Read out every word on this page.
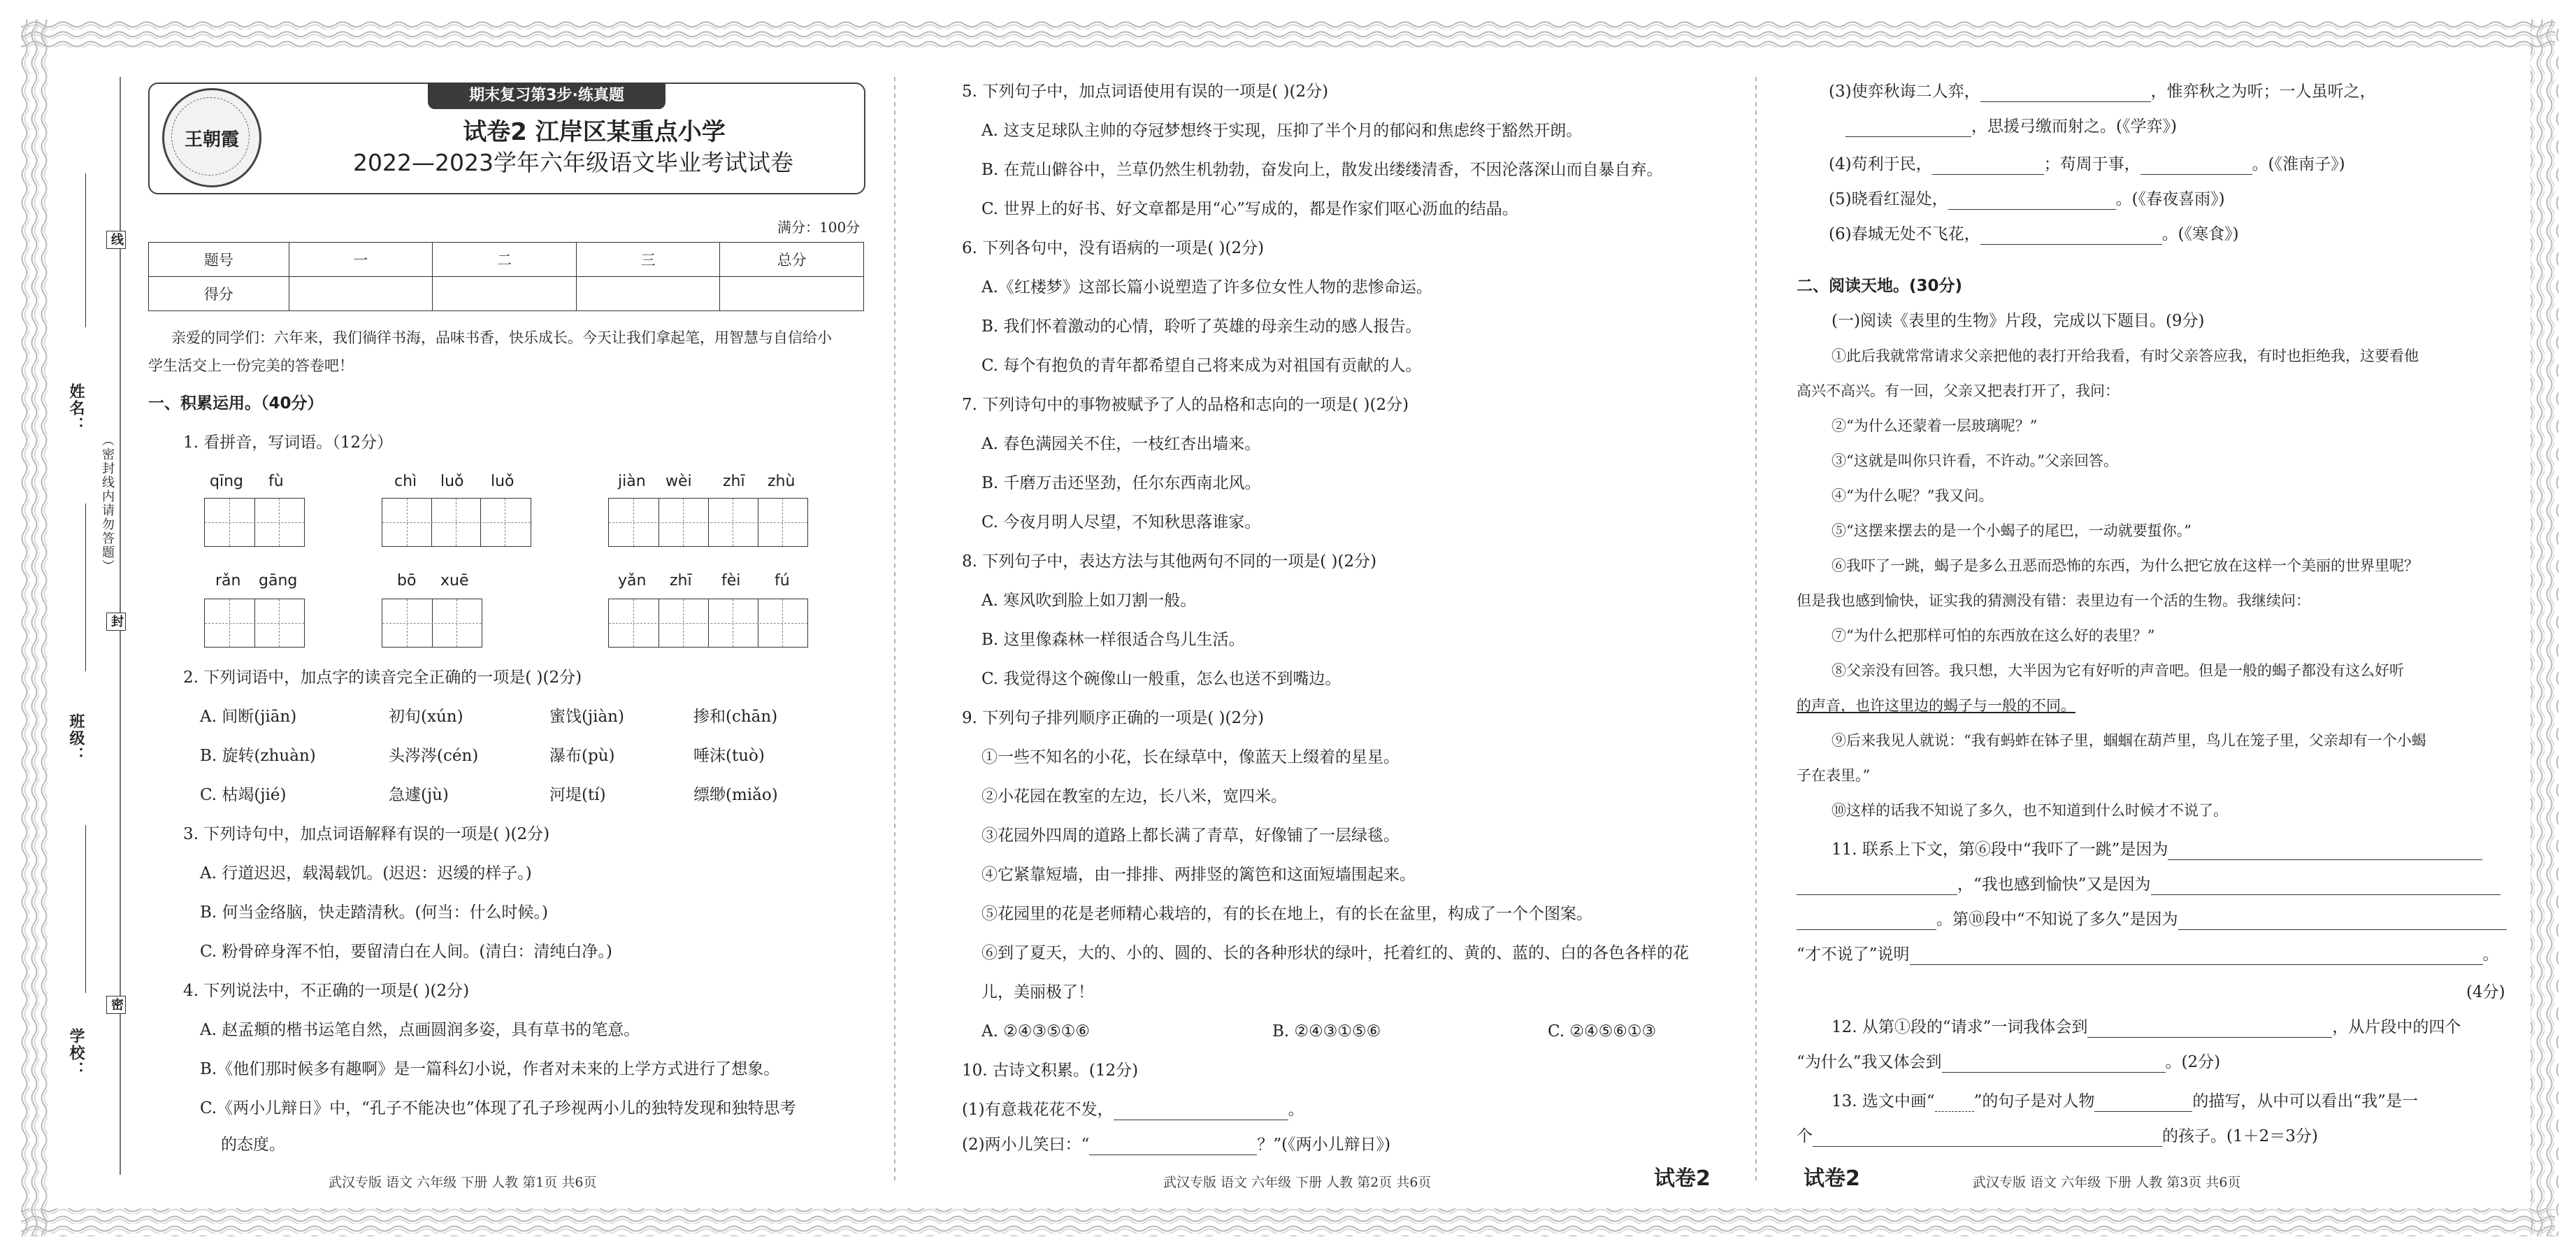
姓名：
班级：
学校：
（密封线内请勿答题）
线
封
密
期末复习第3步·练真题
王朝霞	试卷2 江岸区某重点小学
2022—2023学年六年级语文毕业考试试卷
满分：100分
题号	一	二	三	总分
得分				
亲爱的同学们：六年来，我们徜徉书海，品味书香，快乐成长。今天让我们拿起笔，用智慧与自信给小
学生活交上一份完美的答卷吧！
一、积累运用。（40分）
1. 看拼音，写词语。（12分）
qīng fù	chì luǒ luǒ	jiàn wèi zhī zhù
rǎn gāng	bō xuē	yǎn zhī fèi fú
2. 下列词语中，加点字的读音完全正确的一项是( )(2分)
A. 间断(jiān)	初旬(xún)	蜜饯(jiàn)	掺和(chān)
B. 旋转(zhuàn)	头涔涔(cén)	瀑布(pù)	唾沫(tuò)
C. 枯竭(jié)	急遽(jù)	河堤(tí)	缥缈(miǎo)
3. 下列诗句中，加点词语解释有误的一项是( )(2分)
A. 行道迟迟，载渴载饥。(迟迟：迟缓的样子。)
B. 何当金络脑，快走踏清秋。(何当：什么时候。)
C. 粉骨碎身浑不怕，要留清白在人间。(清白：清纯白净。)
4. 下列说法中，不正确的一项是( )(2分)
A. 赵孟頫的楷书运笔自然，点画圆润多姿，具有草书的笔意。
B.《他们那时候多有趣啊》是一篇科幻小说，作者对未来的上学方式进行了想象。
C.《两小儿辩日》中，“孔子不能决也”体现了孔子珍视两小儿的独特发现和独特思考
的态度。
武汉专版 语文 六年级 下册 人教 第1页 共6页
5. 下列句子中，加点词语使用有误的一项是( )(2分)
A. 这支足球队主帅的夺冠梦想终于实现，压抑了半个月的郁闷和焦虑终于豁然开朗。
B. 在荒山僻谷中，兰草仍然生机勃勃，奋发向上，散发出缕缕清香，不因沦落深山而自暴自弃。
C. 世界上的好书、好文章都是用“心”写成的，都是作家们呕心沥血的结晶。
6. 下列各句中，没有语病的一项是( )(2分)
A.《红楼梦》这部长篇小说塑造了许多位女性人物的悲惨命运。
B. 我们怀着激动的心情，聆听了英雄的母亲生动的感人报告。
C. 每个有抱负的青年都希望自己将来成为对祖国有贡献的人。
7. 下列诗句中的事物被赋予了人的品格和志向的一项是( )(2分)
A. 春色满园关不住，一枝红杏出墙来。
B. 千磨万击还坚劲，任尔东西南北风。
C. 今夜月明人尽望，不知秋思落谁家。
8. 下列句子中，表达方法与其他两句不同的一项是( )(2分)
A. 寒风吹到脸上如刀割一般。
B. 这里像森林一样很适合鸟儿生活。
C. 我觉得这个碗像山一般重，怎么也送不到嘴边。
9. 下列句子排列顺序正确的一项是( )(2分)
①一些不知名的小花，长在绿草中，像蓝天上缀着的星星。
②小花园在教室的左边，长八米，宽四米。
③花园外四周的道路上都长满了青草，好像铺了一层绿毯。
④它紧靠短墙，由一排排、两排竖的篱笆和这面短墙围起来。
⑤花园里的花是老师精心栽培的，有的长在地上，有的长在盆里，构成了一个个图案。
⑥到了夏天，大的、小的、圆的、长的各种形状的绿叶，托着红的、黄的、蓝的、白的各色各样的花
儿，美丽极了！
A. ②④③⑤①⑥	B. ②④③①⑤⑥	C. ②④⑤⑥①③
10. 古诗文积累。(12分)
(1)有意栽花花不发，	。
(2)两小儿笑曰：“	？”(《两小儿辩日》)
武汉专版 语文 六年级 下册 人教 第2页 共6页	试卷2
(3)使弈秋诲二人弈，	，惟弈秋之为听；一人虽听之，
，思援弓缴而射之。(《学弈》)
(4)苟利于民，	；苟周于事，	。(《淮南子》)
(5)晓看红湿处，	。(《春夜喜雨》)
(6)春城无处不飞花，	。(《寒食》)
二、阅读天地。(30分)
(一)阅读《表里的生物》片段，完成以下题目。(9分)
①此后我就常常请求父亲把他的表打开给我看，有时父亲答应我，有时也拒绝我，这要看他
高兴不高兴。有一回，父亲又把表打开了，我问：
②“为什么还蒙着一层玻璃呢？”
③“这就是叫你只许看，不许动。”父亲回答。
④“为什么呢？”我又问。
⑤“这摆来摆去的是一个小蝎子的尾巴，一动就要蜇你。”
⑥我吓了一跳，蝎子是多么丑恶而恐怖的东西，为什么把它放在这样一个美丽的世界里呢？
但是我也感到愉快，证实我的猜测没有错：表里边有一个活的生物。我继续问：
⑦“为什么把那样可怕的东西放在这么好的表里？”
⑧父亲没有回答。我只想，大半因为它有好听的声音吧。但是一般的蝎子都没有这么好听
的声音，也许这里边的蝎子与一般的不同。
⑨后来我见人就说：“我有蚂蚱在钵子里，蝈蝈在葫芦里，鸟儿在笼子里，父亲却有一个小蝎
子在表里。”
⑩这样的话我不知说了多久，也不知道到什么时候才不说了。
11. 联系上下文，第⑥段中“我吓了一跳”是因为
，“我也感到愉快”又是因为
。第⑩段中“不知说了多久”是因为
“才不说了”说明	。
(4分)
12. 从第①段的“请求”一词我体会到	，从片段中的四个
“为什么”我又体会到	。(2分)
13. 选文中画“ ”的句子是对人物	的描写，从中可以看出“我”是一
个	的孩子。(1＋2＝3分)
试卷2	武汉专版 语文 六年级 下册 人教 第3页 共6页
